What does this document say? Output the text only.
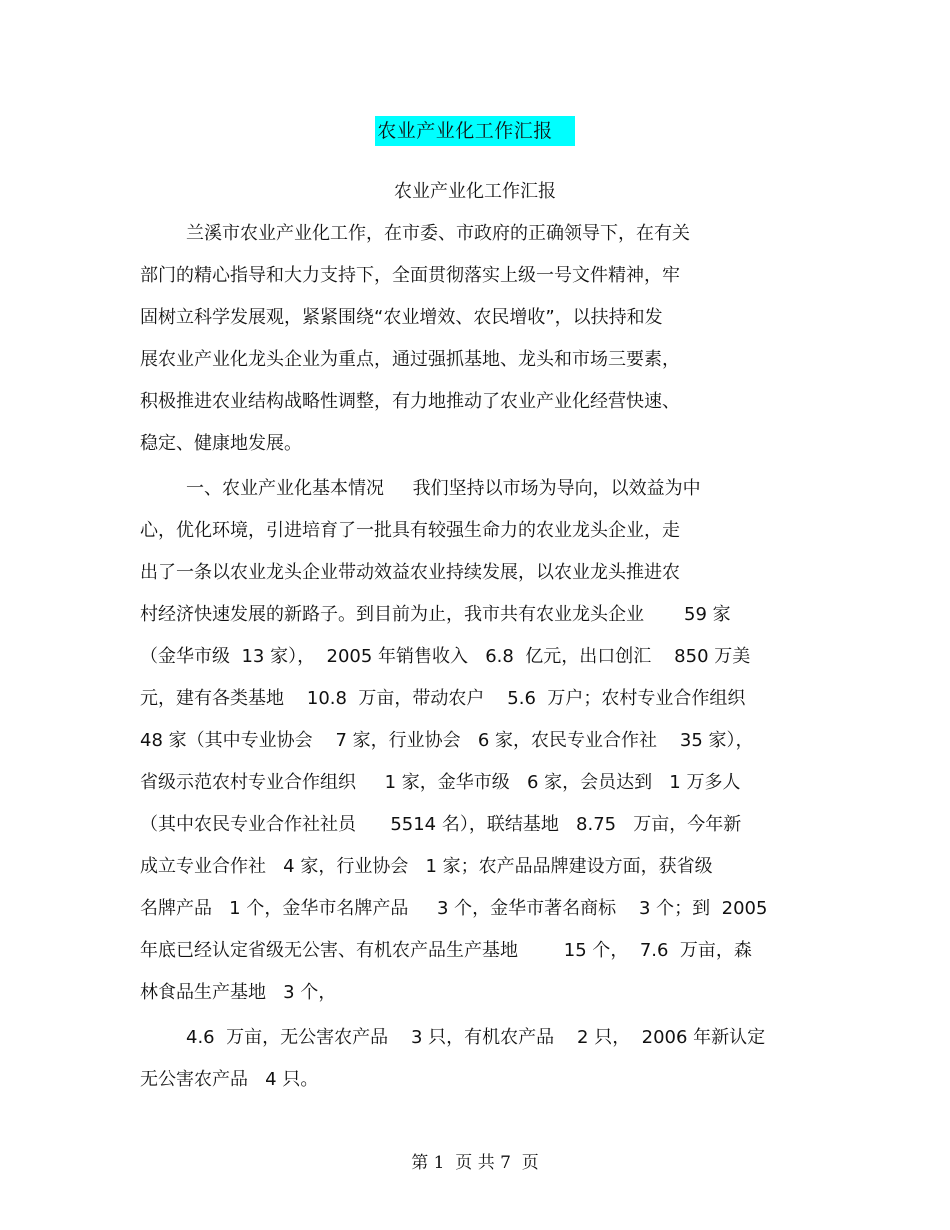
农业产业化工作汇报
农业产业化工作汇报
兰溪市农业产业化工作，在市委、市政府的正确领导下，在有关
部门的精心指导和大力支持下，全面贯彻落实上级一号文件精神，牢
固树立科学发展观，紧紧围绕“农业增效、农民增收”，以扶持和发
展农业产业化龙头企业为重点，通过强抓基地、龙头和市场三要素，
积极推进农业结构战略性调整，有力地推动了农业产业化经营快速、
稳定、健康地发展。
一、农业产业化基本情况     我们坚持以市场为导向，以效益为中
心，优化环境，引进培育了一批具有较强生命力的农业龙头企业，走
出了一条以农业龙头企业带动效益农业持续发展，以农业龙头推进农
村经济快速发展的新路子。到目前为止，我市共有农业龙头企业       59 家
（金华市级  13 家），  2005 年销售收入   6.8  亿元，出口创汇    850 万美
元，建有各类基地    10.8  万亩，带动农户    5.6  万户；农村专业合作组织
48 家（其中专业协会    7 家，行业协会   6 家，农民专业合作社    35 家），
省级示范农村专业合作组织     1 家，金华市级   6 家，会员达到   1 万多人
（其中农民专业合作社社员      5514 名），联结基地   8.75   万亩，今年新
成立专业合作社   4 家，行业协会   1 家；农产品品牌建设方面，获省级
名牌产品   1 个，金华市名牌产品     3 个，金华市著名商标    3 个；到  2005
年底已经认定省级无公害、有机农产品生产基地        15 个，  7.6  万亩，森
林食品生产基地   3 个，
4.6  万亩，无公害农产品    3 只，有机农产品    2 只，  2006 年新认定
无公害农产品   4 只。
第 1  页 共 7  页
